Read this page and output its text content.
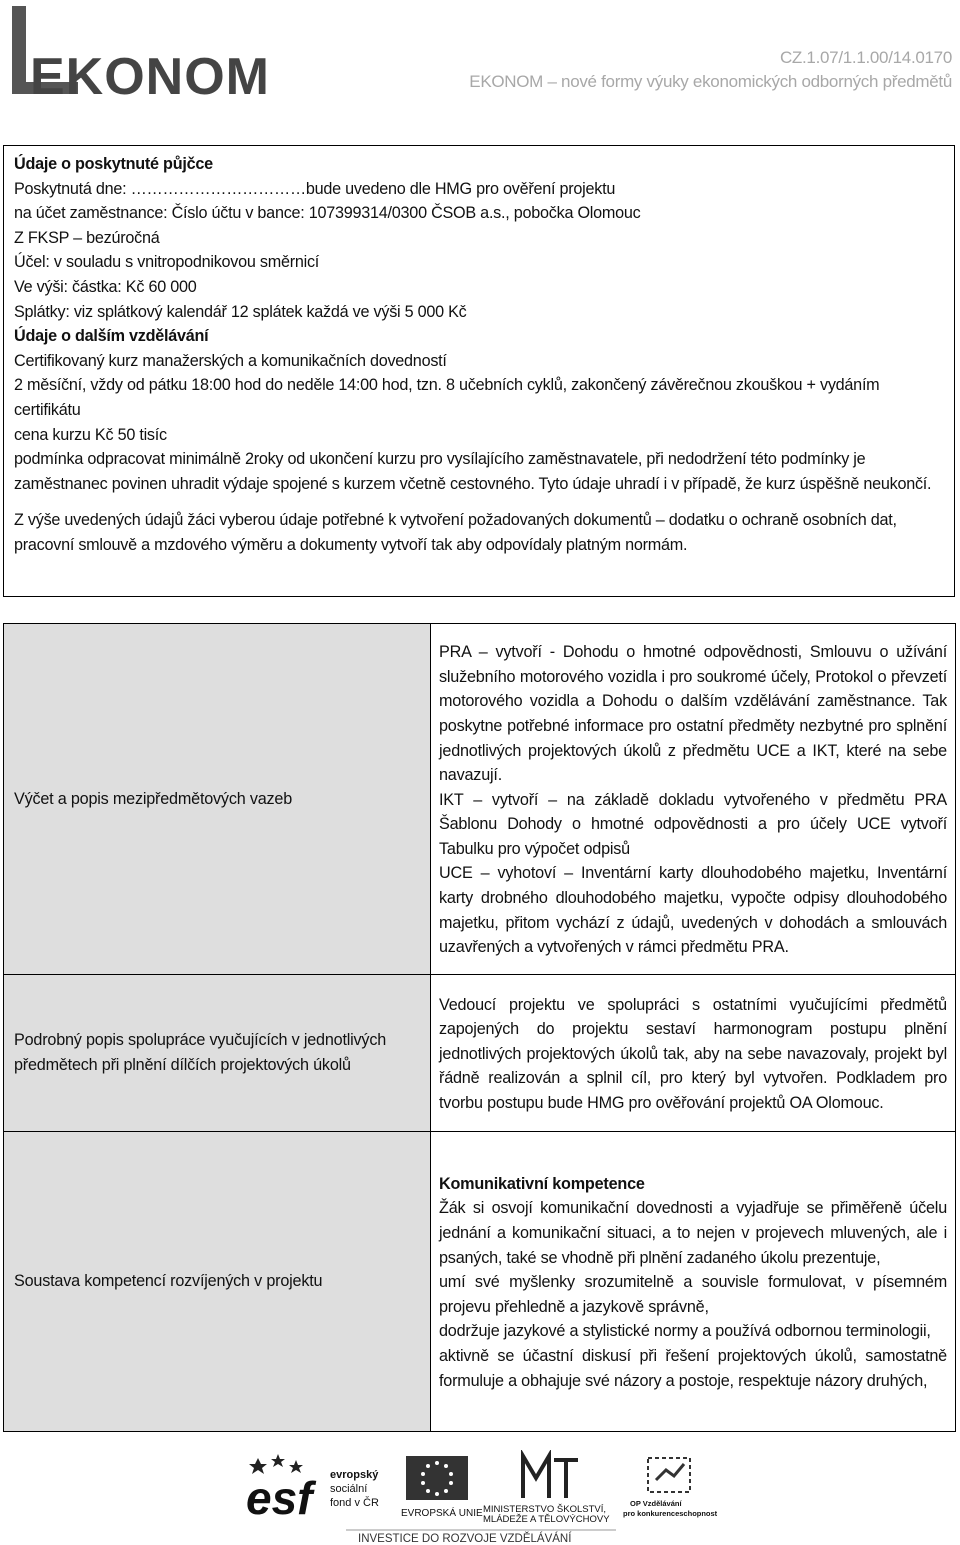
EKONOM	CZ.1.07/1.1.00/14.0170
EKONOM – nové formy výuky ekonomických odborných předmětů

Údaje o poskytnuté půjčce

Poskytnutá dne: ……………………………bude uvedeno dle HMG pro ověření projektu

na účet zaměstnance: Číslo účtu v bance: 107399314/0300 ČSOB a.s., pobočka Olomouc

Z FKSP – bezúročná

Účel: v souladu s vnitropodnikovou směrnicí

Ve výši: částka: Kč 60 000

Splátky: viz splátkový kalendář 12 splátek každá ve výši 5 000 Kč

Údaje o dalším vzdělávání

Certifikovaný kurz manažerských a komunikačních dovedností

2 měsíční, vždy od pátku 18:00 hod do neděle 14:00 hod, tzn. 8 učebních cyklů, zakončený závěrečnou zkouškou + vydáním certifikátu

cena kurzu Kč 50 tisíc

podmínka odpracovat minimálně 2roky od ukončení kurzu pro vysílajícího zaměstnavatele, při nedodržení této podmínky je zaměstnanec povinen uhradit výdaje spojené s kurzem včetně cestovného. Tyto údaje uhradí i v případě, že kurz úspěšně neukončí.

Z výše uvedených údajů žáci vyberou údaje potřebné k vytvoření požadovaných dokumentů – dodatku o ochraně osobních dat, pracovní smlouvě a mzdového výměru a dokumenty vytvoří tak aby odpovídaly platným normám.

Výčet a popis mezipředmětových vazeb	PRA – vytvoří - Dohodu o hmotné odpovědnosti, Smlouvu o užívání služebního motorového vozidla i pro soukromé účely, Protokol o převzetí motorového vozidla a Dohodu o dalším vzdělávání zaměstnance. Tak poskytne potřebné informace pro ostatní předměty nezbytné pro splnění jednotlivých projektových úkolů z předmětu UCE a IKT, které na sebe navazují.

IKT – vytvoří – na základě dokladu vytvořeného v předmětu PRA Šablonu Dohody o hmotné odpovědnosti a pro účely UCE vytvoří Tabulku pro výpočet odpisů

UCE – vyhotoví – Inventární karty dlouhodobého majetku, Inventární karty drobného dlouhodobého majetku, vypočte odpisy dlouhodobého majetku, přitom vychází z údajů, uvedených v dohodách a smlouvách uzavřených a vytvořených v rámci předmětu PRA.

Podrobný popis spolupráce vyučujících v jednotlivých předmětech při plnění dílčích projektových úkolů	Vedoucí projektu ve spolupráci s ostatními vyučujícími předmětů zapojených do projektu sestaví harmonogram postupu plnění jednotlivých projektových úkolů tak, aby na sebe navazovaly, projekt byl řádně realizován a splnil cíl, pro který byl vytvořen. Podkladem pro tvorbu postupu bude HMG pro ověřování projektů OA Olomouc.

Soustava kompetencí rozvíjených v projektu	Komunikativní kompetence

Žák si osvojí komunikační dovednosti a vyjadřuje se přiměřeně účelu jednání a komunikační situaci, a to nejen v projevech mluvených, ale i psaných, také se vhodně při plnění zadaného úkolu prezentuje,

umí své myšlenky srozumitelně a souvisle formulovat, v písemném projevu přehledně a jazykově správně,

dodržuje jazykové a stylistické normy a používá odbornou terminologii,

aktivně se účastní diskusí při řešení projektových úkolů, samostatně formuluje a obhajuje své názory a postoje, respektuje názory druhých,

esf	evropský
sociální
fond v ČR
EVROPSKÁ UNIE MINISTERSTVO ŠKOLSTVÍ,
MLÁDEŽE A TĚLOVÝCHOVY
OP Vzdělávání
pro konkurenceschopnost
INVESTICE DO ROZVOJE VZDĚLÁVÁNÍ
